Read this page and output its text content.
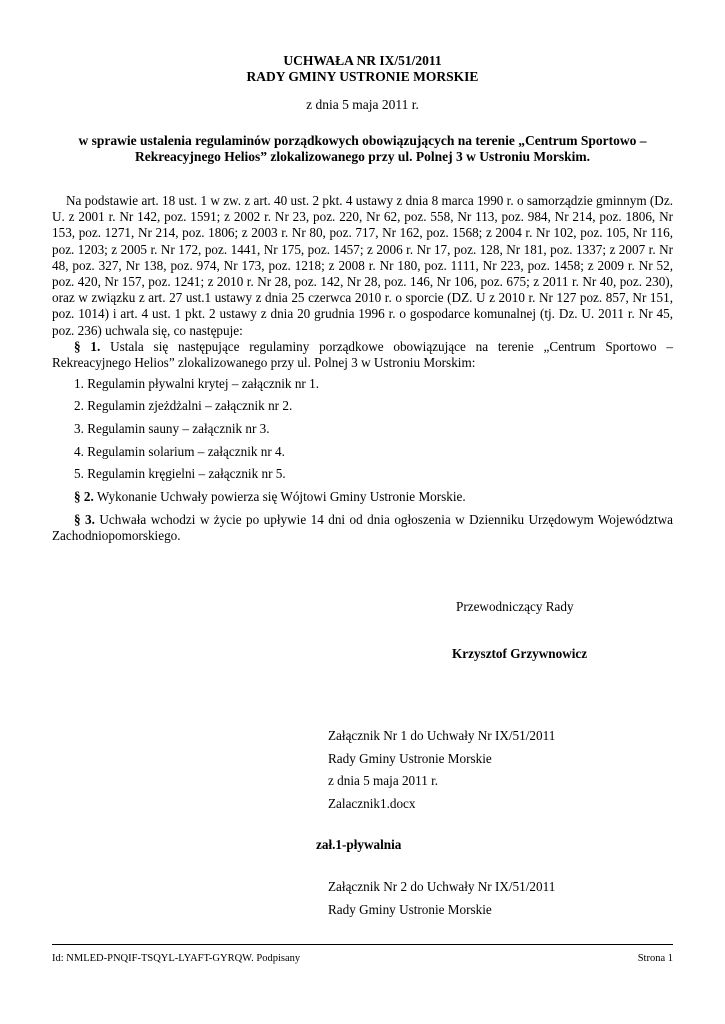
UCHWAŁA NR IX/51/2011
RADY GMINY USTRONIE MORSKIE
z dnia 5 maja 2011 r.
w sprawie ustalenia regulaminów porządkowych obowiązujących na terenie „Centrum Sportowo –
Rekreacyjnego Helios” zlokalizowanego przy ul. Polnej 3 w Ustroniu Morskim.
Na podstawie art. 18 ust. 1 w zw. z art. 40 ust. 2 pkt. 4 ustawy z dnia 8 marca 1990 r. o samorządzie gminnym (Dz. U. z 2001 r. Nr 142, poz. 1591; z 2002 r. Nr 23, poz. 220, Nr 62, poz. 558, Nr 113, poz. 984, Nr 214, poz. 1806, Nr 153, poz. 1271, Nr 214, poz. 1806; z 2003 r. Nr 80, poz. 717, Nr 162, poz. 1568; z 2004 r. Nr 102, poz. 105, Nr 116, poz. 1203; z 2005 r. Nr 172, poz. 1441, Nr 175, poz. 1457; z 2006 r. Nr 17, poz. 128, Nr 181, poz. 1337; z 2007 r. Nr 48, poz. 327, Nr 138, poz. 974, Nr 173, poz. 1218; z 2008 r. Nr 180, poz. 1111, Nr 223, poz. 1458; z 2009 r. Nr 52, poz. 420, Nr 157, poz. 1241; z 2010 r. Nr 28, poz. 142, Nr 28, poz. 146, Nr 106, poz. 675; z 2011 r. Nr 40, poz. 230), oraz w związku z art. 27 ust.1 ustawy z dnia 25 czerwca 2010 r. o sporcie (DZ. U z 2010 r. Nr 127 poz. 857, Nr 151, poz. 1014) i art. 4 ust. 1 pkt. 2 ustawy z dnia 20 grudnia 1996 r. o gospodarce komunalnej (tj. Dz. U. 2011 r. Nr 45, poz. 236) uchwala się, co następuje:
§ 1. Ustala się następujące regulaminy porządkowe obowiązujące na terenie „Centrum Sportowo – Rekreacyjnego Helios” zlokalizowanego przy ul. Polnej 3 w Ustroniu Morskim:
1. Regulamin pływalni krytej – załącznik nr 1.
2. Regulamin zjeżdżalni – załącznik nr 2.
3. Regulamin sauny – załącznik nr 3.
4. Regulamin solarium – załącznik nr 4.
5. Regulamin kręgielni – załącznik nr 5.
§ 2. Wykonanie Uchwały powierza się Wójtowi Gminy Ustronie Morskie.
§ 3. Uchwała wchodzi w życie po upływie 14 dni od dnia ogłoszenia w Dzienniku Urzędowym Województwa Zachodniopomorskiego.
Przewodniczący Rady
Krzysztof Grzywnowicz
Załącznik Nr 1 do Uchwały Nr IX/51/2011
Rady Gminy Ustronie Morskie
z dnia 5 maja 2011 r.
Zalacznik1.docx
zał.1-pływalnia
Załącznik Nr 2 do Uchwały Nr IX/51/2011
Rady Gminy Ustronie Morskie
Id: NMLED-PNQIF-TSQYL-LYAFT-GYRQW. Podpisany	Strona 1
